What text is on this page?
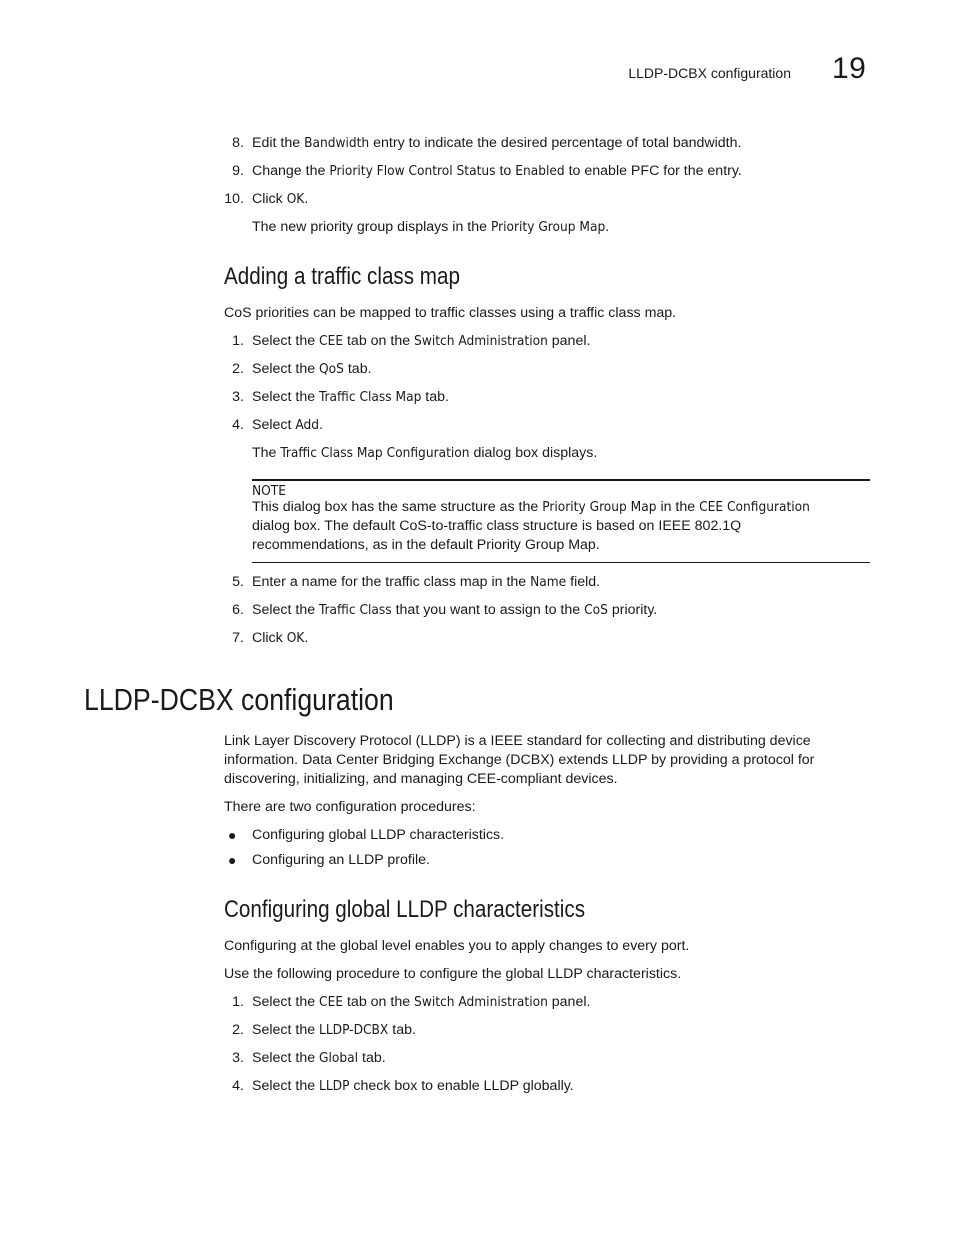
LLDP-DCBX configuration 19
8. Edit the Bandwidth entry to indicate the desired percentage of total bandwidth.
9. Change the Priority Flow Control Status to Enabled to enable PFC for the entry.
10. Click OK.
The new priority group displays in the Priority Group Map.
Adding a traffic class map
CoS priorities can be mapped to traffic classes using a traffic class map.
1. Select the CEE tab on the Switch Administration panel.
2. Select the QoS tab.
3. Select the Traffic Class Map tab.
4. Select Add.
The Traffic Class Map Configuration dialog box displays.
NOTE
This dialog box has the same structure as the Priority Group Map in the CEE Configuration
dialog box. The default CoS-to-traffic class structure is based on IEEE 802.1Q
recommendations, as in the default Priority Group Map.
5. Enter a name for the traffic class map in the Name field.
6. Select the Traffic Class that you want to assign to the CoS priority.
7. Click OK.
LLDP-DCBX configuration
Link Layer Discovery Protocol (LLDP) is a IEEE standard for collecting and distributing device
information. Data Center Bridging Exchange (DCBX) extends LLDP by providing a protocol for
discovering, initializing, and managing CEE-compliant devices.
There are two configuration procedures:
● Configuring global LLDP characteristics.
● Configuring an LLDP profile.
Configuring global LLDP characteristics
Configuring at the global level enables you to apply changes to every port.
Use the following procedure to configure the global LLDP characteristics.
1. Select the CEE tab on the Switch Administration panel.
2. Select the LLDP-DCBX tab.
3. Select the Global tab.
4. Select the LLDP check box to enable LLDP globally.
